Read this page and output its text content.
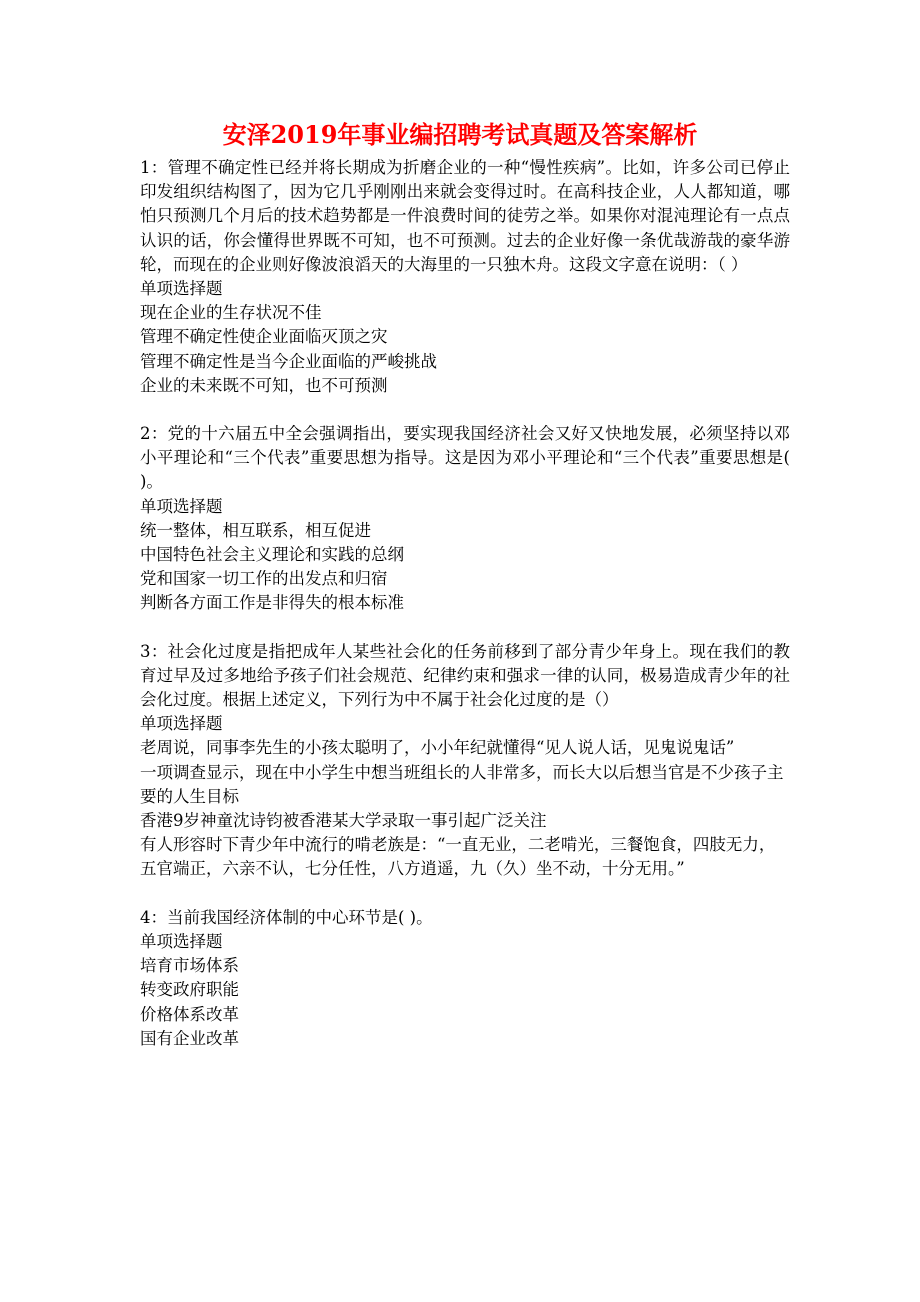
安泽2019年事业编招聘考试真题及答案解析

1：管理不确定性已经并将长期成为折磨企业的一种“慢性疾病”。比如，许多公司已停止印发组织结构图了，因为它几乎刚刚出来就会变得过时。在高科技企业，人人都知道，哪怕只预测几个月后的技术趋势都是一件浪费时间的徒劳之举。如果你对混沌理论有一点点认识的话，你会懂得世界既不可知，也不可预测。过去的企业好像一条优哉游哉的豪华游轮，而现在的企业则好像波浪滔天的大海里的一只独木舟。这段文字意在说明：（ ）

单项选择题

现在企业的生存状况不佳

管理不确定性使企业面临灭顶之灾

管理不确定性是当今企业面临的严峻挑战

企业的未来既不可知，也不可预测

2：党的十六届五中全会强调指出，要实现我国经济社会又好又快地发展，必须坚持以邓小平理论和“三个代表”重要思想为指导。这是因为邓小平理论和“三个代表”重要思想是( )。

单项选择题

统一整体，相互联系，相互促进

中国特色社会主义理论和实践的总纲

党和国家一切工作的出发点和归宿

判断各方面工作是非得失的根本标准

3：社会化过度是指把成年人某些社会化的任务前移到了部分青少年身上。现在我们的教育过早及过多地给予孩子们社会规范、纪律约束和强求一律的认同，极易造成青少年的社会化过度。根据上述定义，下列行为中不属于社会化过度的是（）

单项选择题

老周说，同事李先生的小孩太聪明了，小小年纪就懂得“见人说人话，见鬼说鬼话”

一项调查显示，现在中小学生中想当班组长的人非常多，而长大以后想当官是不少孩子主要的人生目标

香港9岁神童沈诗钧被香港某大学录取一事引起广泛关注

有人形容时下青少年中流行的啃老族是：“一直无业，二老啃光，三餐饱食，四肢无力，五官端正，六亲不认，七分任性，八方逍遥，九（久）坐不动，十分无用。”

4：当前我国经济体制的中心环节是( )。

单项选择题

培育市场体系

转变政府职能

价格体系改革

国有企业改革
